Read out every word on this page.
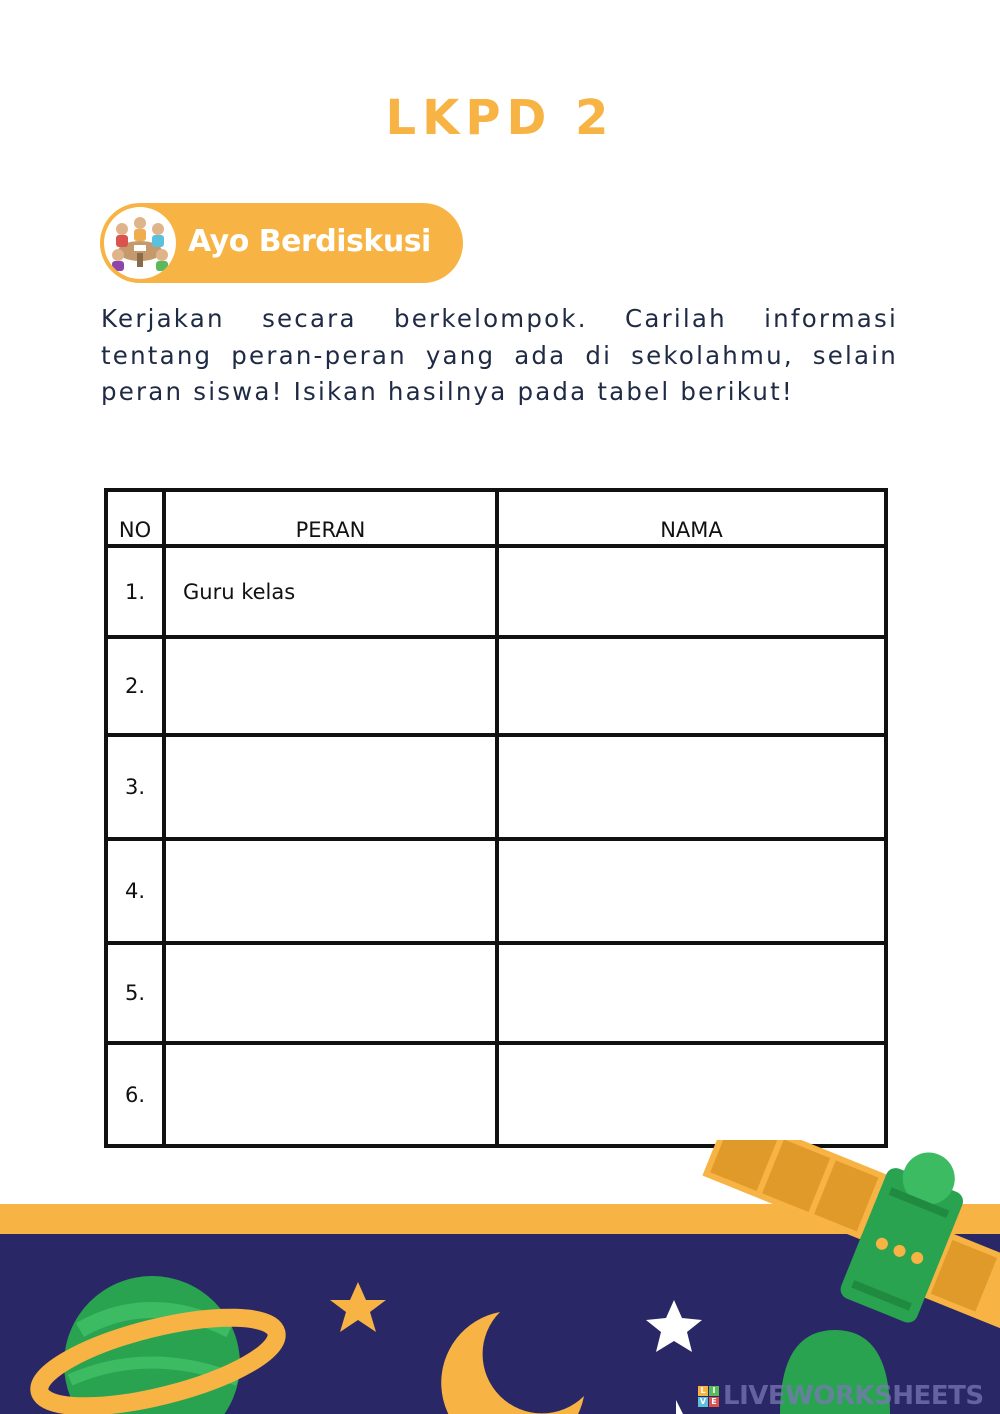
LKPD 2
Ayo Berdiskusi

Kerjakan secara berkelompok. Carilah informasi tentang peran-peran yang ada di sekolahmu, selain peran siswa! Isikan hasilnya pada tabel berikut!

NO	PERAN	NAMA
1.	Guru kelas	
2.		
3.		
4.		
5.		
6.		
L I
V E LIVEWORKSHEETS
